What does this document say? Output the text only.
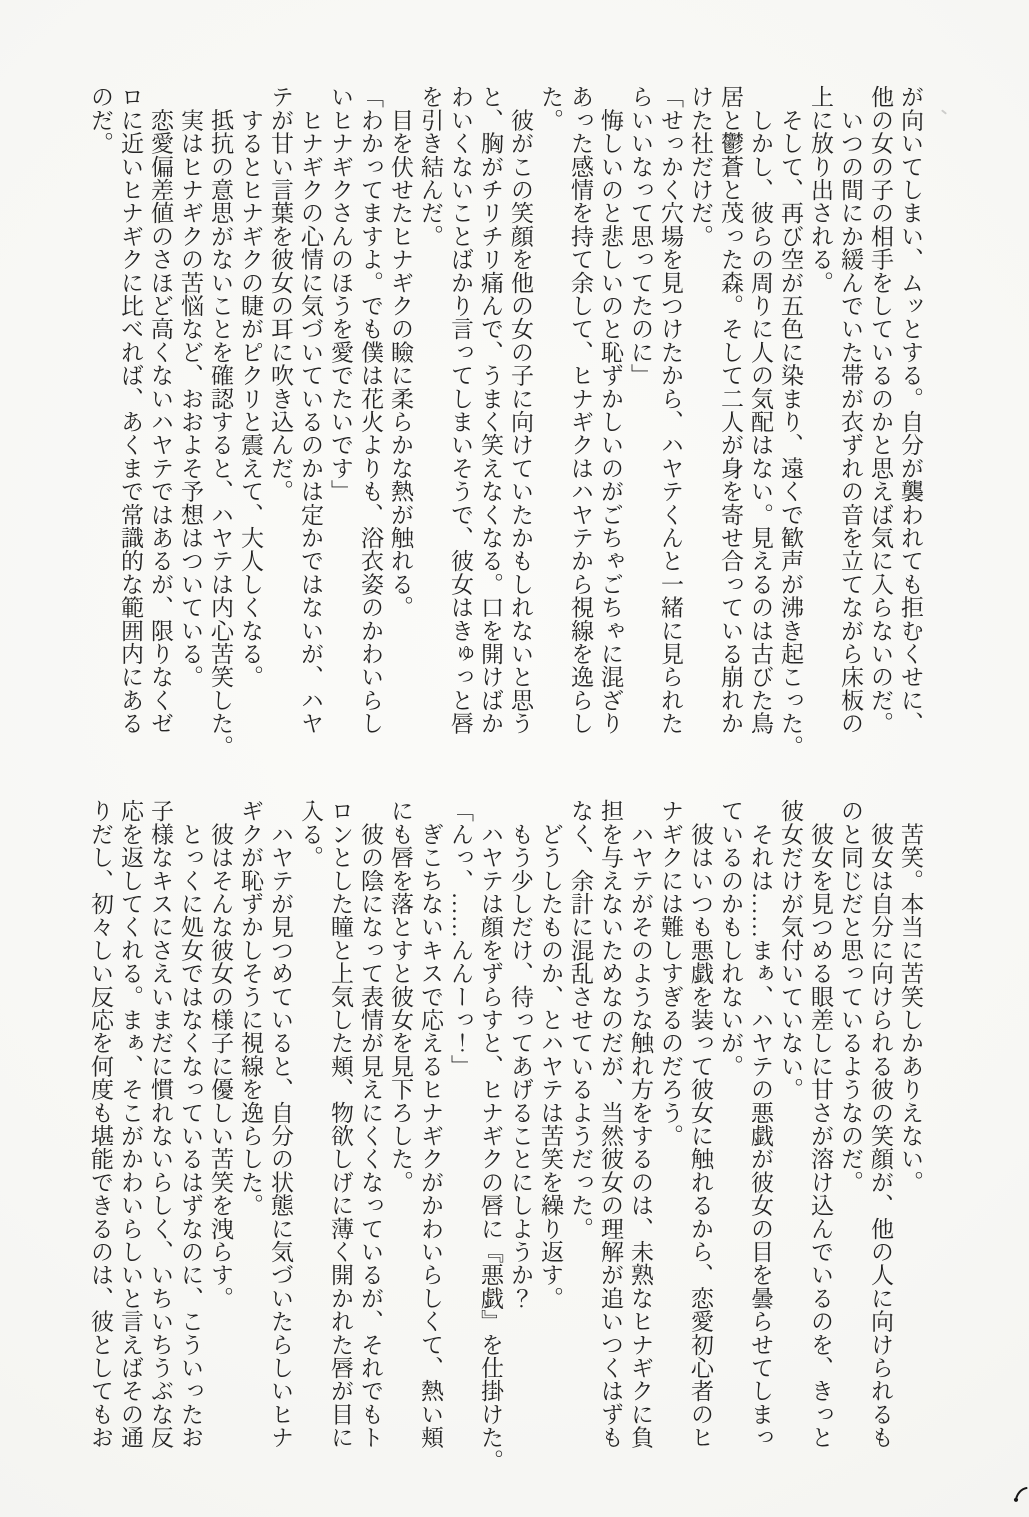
が向いてしまい、ムッとする。自分が襲われても拒むくせに、

他の女の子の相手をしているのかと思えば気に入らないのだ。

　いつの間にか緩んでいた帯が衣ずれの音を立てながら床板の

上に放り出される。

　そして、再び空が五色に染まり、遠くで歓声が沸き起こった。

　しかし、彼らの周りに人の気配はない。見えるのは古びた鳥

居と鬱蒼と茂った森。そして二人が身を寄せ合っている崩れか

けた社だけだ。

「せっかく穴場を見つけたから、ハヤテくんと一緒に見られた

らいいなって思ってたのに」

　悔しいのと悲しいのと恥ずかしいのがごちゃごちゃに混ざり

あった感情を持て余して、ヒナギクはハヤテから視線を逸らし

た。

　彼がこの笑顔を他の女の子に向けていたかもしれないと思う

と、胸がチリチリ痛んで、うまく笑えなくなる。口を開けばか

わいくないことばかり言ってしまいそうで、彼女はきゅっと唇

を引き結んだ。

　目を伏せたヒナギクの瞼に柔らかな熱が触れる。

「わかってますよ。でも僕は花火よりも、浴衣姿のかわいらし

いヒナギクさんのほうを愛でたいです」

　ヒナギクの心情に気づいているのかは定かではないが、ハヤ

テが甘い言葉を彼女の耳に吹き込んだ。

　するとヒナギクの睫がピクリと震えて、大人しくなる。

　抵抗の意思がないことを確認すると、ハヤテは内心苦笑した。

　実はヒナギクの苦悩など、おおよそ予想はついている。

　恋愛偏差値のさほど高くないハヤテではあるが、限りなくゼ

ロに近いヒナギクに比べれば、あくまで常識的な範囲内にある

のだ。

　苦笑。本当に苦笑しかありえない。

　彼女は自分に向けられる彼の笑顔が、他の人に向けられるも

のと同じだと思っているようなのだ。

　彼女を見つめる眼差しに甘さが溶け込んでいるのを、きっと

彼女だけが気付いていない。

　それは……まぁ、ハヤテの悪戯が彼女の目を曇らせてしまっ

ているのかもしれないが。

　彼はいつも悪戯を装って彼女に触れるから、恋愛初心者のヒ

ナギクには難しすぎるのだろう。

　ハヤテがそのような触れ方をするのは、未熟なヒナギクに負

担を与えないためなのだが、当然彼女の理解が追いつくはずも

なく、余計に混乱させているようだった。

　どうしたものか、とハヤテは苦笑を繰り返す。

　もう少しだけ、待ってあげることにしようか？

　ハヤテは顔をずらすと、ヒナギクの唇に『悪戯』を仕掛けた。

「んっ、……んんーっ！」

　ぎこちないキスで応えるヒナギクがかわいらしくて、熱い頬

にも唇を落とすと彼女を見下ろした。

　彼の陰になって表情が見えにくくなっているが、それでもト

ロンとした瞳と上気した頬、物欲しげに薄く開かれた唇が目に

入る。

　ハヤテが見つめていると、自分の状態に気づいたらしいヒナ

ギクが恥ずかしそうに視線を逸らした。

　彼はそんな彼女の様子に優しい苦笑を洩らす。

　とっくに処女ではなくなっているはずなのに、こういったお

子様なキスにさえいまだに慣れないらしく、いちいちうぶな反

応を返してくれる。まぁ、そこがかわいらしいと言えばその通

りだし、初々しい反応を何度も堪能できるのは、彼としてもお
